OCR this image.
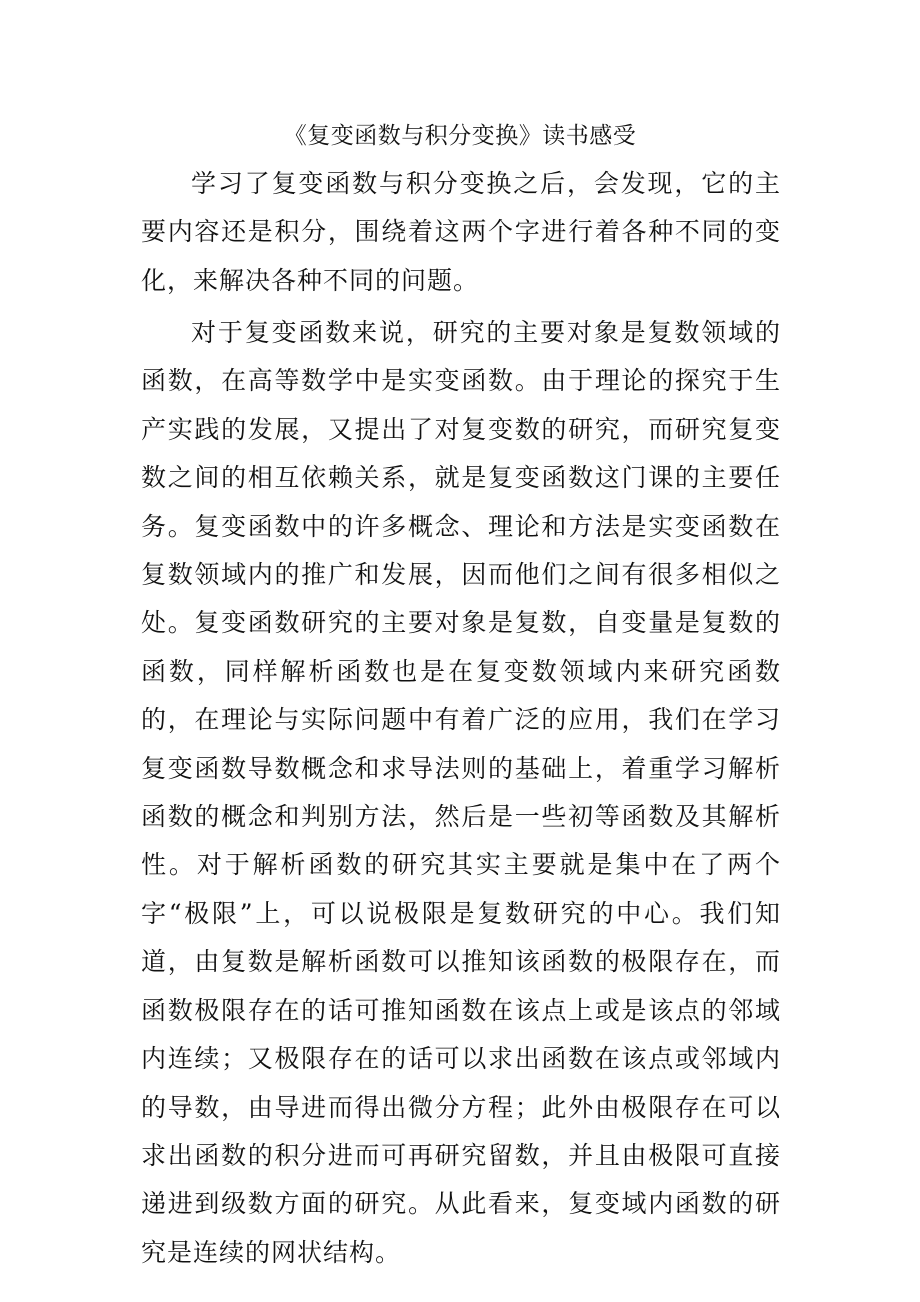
《复变函数与积分变换》读书感受

学习了复变函数与积分变换之后，会发现，它的主要内容还是积分，围绕着这两个字进行着各种不同的变化，来解决各种不同的问题。

对于复变函数来说，研究的主要对象是复数领域的函数，在高等数学中是实变函数。由于理论的探究于生产实践的发展，又提出了对复变数的研究，而研究复变数之间的相互依赖关系，就是复变函数这门课的主要任务。复变函数中的许多概念、理论和方法是实变函数在复数领域内的推广和发展，因而他们之间有很多相似之处。复变函数研究的主要对象是复数，自变量是复数的函数，同样解析函数也是在复变数领域内来研究函数的，在理论与实际问题中有着广泛的应用，我们在学习复变函数导数概念和求导法则的基础上，着重学习解析函数的概念和判别方法，然后是一些初等函数及其解析性。对于解析函数的研究其实主要就是集中在了两个字“极限”上，可以说极限是复数研究的中心。我们知道，由复数是解析函数可以推知该函数的极限存在，而函数极限存在的话可推知函数在该点上或是该点的邻域内连续；又极限存在的话可以求出函数在该点或邻域内的导数，由导进而得出微分方程；此外由极限存在可以求出函数的积分进而可再研究留数，并且由极限可直接递进到级数方面的研究。从此看来，复变域内函数的研究是连续的网状结构。
